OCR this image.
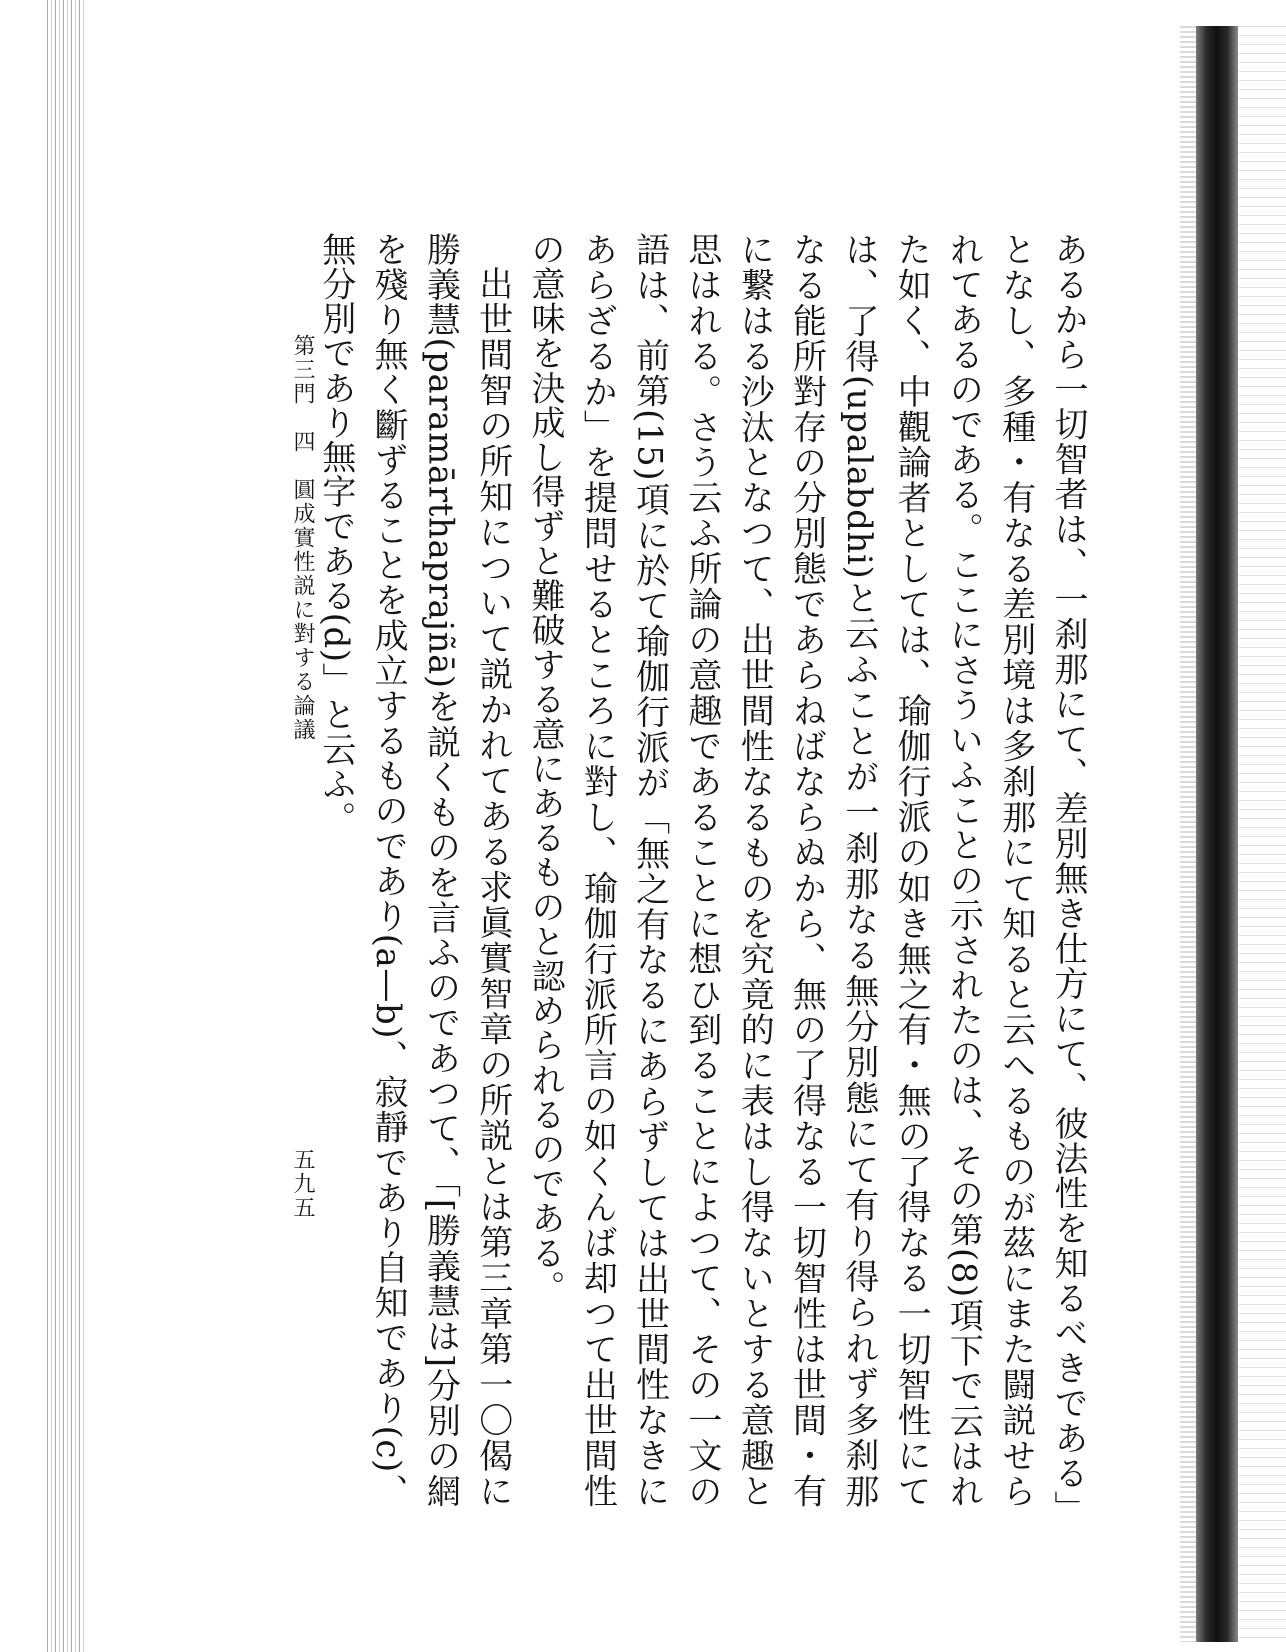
あるから一切智者は、一刹那にて、差別無き仕方にて、彼法性を知るべきである」となし、多種・有なる差別境は多刹那にて知ると云へるものが茲にまた闘説せられてあるのである。ここにさういふことの示されたのは、その第(8)項下で云はれた如く、中觀論者としては、瑜伽行派の如き無之有・無の了得なる一切智性にては、了得(upalabdhi)と云ふことが一刹那なる無分別態にて有り得られず多刹那なる能所對存の分別態であらねばならぬから、無の了得なる一切智性は世間・有に繋はる沙汰となつて、出世間性なるものを究竟的に表はし得ないとする意趣と思はれる。さう云ふ所論の意趣であることに想ひ到ることによつて、その一文の語は、前第(15)項に於て瑜伽行派が「無之有なるにあらずしては出世間性なきにあらざるか」を提問せるところに對し、瑜伽行派所言の如くんば却つて出世間性の意味を決成し得ずと難破する意にあるものと認められるのである。

出世間智の所知について説かれてある求眞實智章の所説とは第三章第一〇偈に勝義慧(paramārthaprajñā)を説くものを言ふのであつて、「[勝義慧は]分別の網を殘り無く斷ずることを成立するものであり(a—b)、寂靜であり自知であり(c)、無分別であり無字である(d)」と云ふ。

第三門　四　圓成實性説に對する論議
五九五
